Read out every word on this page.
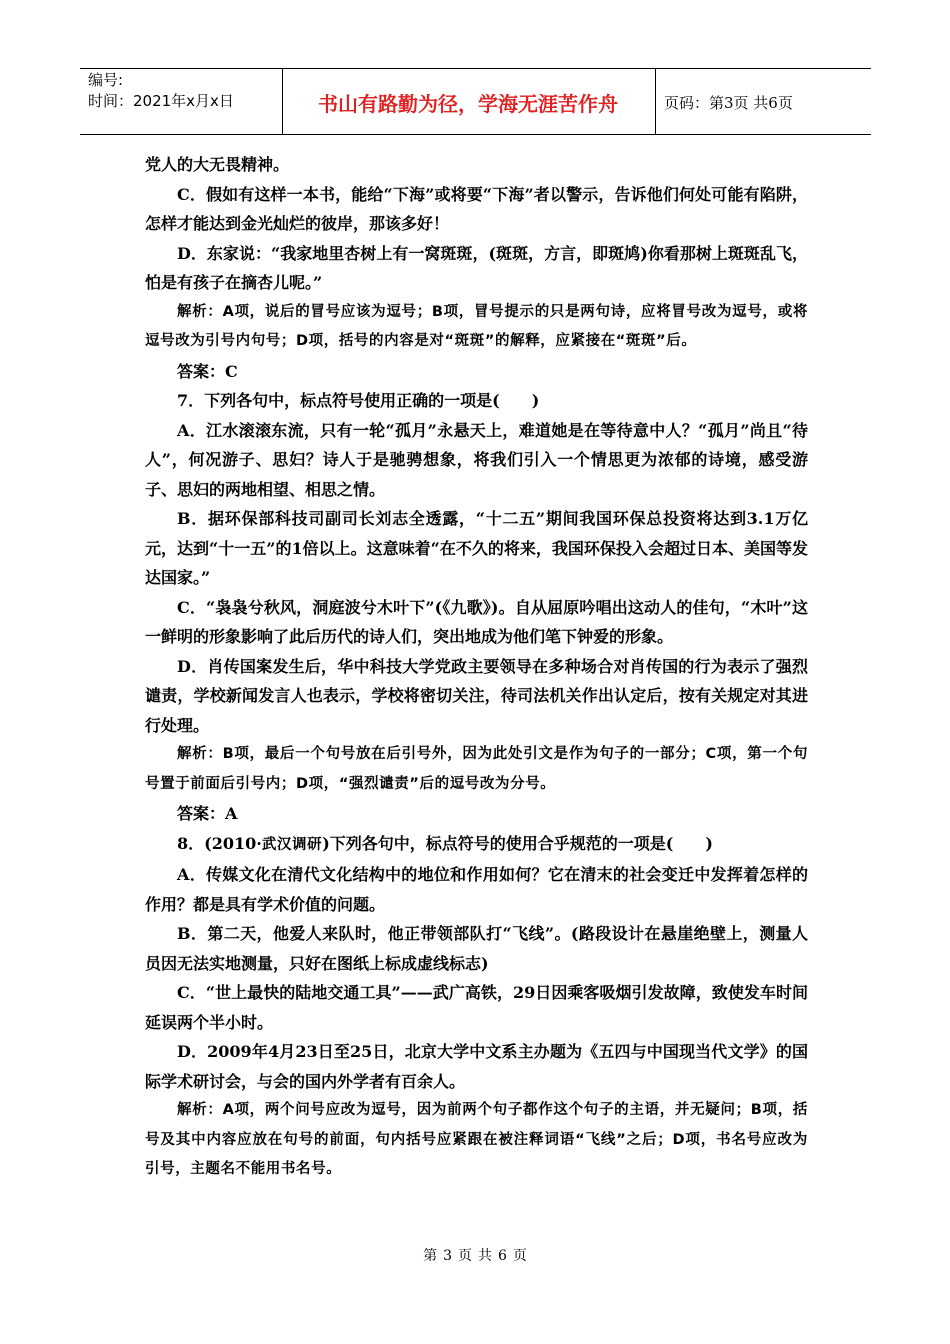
编号:
时间：2021年x月x日	书山有路勤为径，学海无涯苦作舟	页码：第3页 共6页

党人的大无畏精神。

C．假如有这样一本书，能给“下海”或将要“下海”者以警示，告诉他们何处可能有陷阱，怎样才能达到金光灿烂的彼岸，那该多好！

D．东家说：“我家地里杏树上有一窝斑斑，(斑斑，方言，即斑鸠)你看那树上斑斑乱飞，怕是有孩子在摘杏儿呢。”

解析：A项，说后的冒号应该为逗号；B项，冒号提示的只是两句诗，应将冒号改为逗号，或将逗号改为引号内句号；D项，括号的内容是对“斑斑”的解释，应紧接在“斑斑”后。

答案：C

7．下列各句中，标点符号使用正确的一项是(　　)

A．江水滚滚东流，只有一轮“孤月”永悬天上，难道她是在等待意中人？“孤月”尚且“待人”，何况游子、思妇？诗人于是驰骋想象，将我们引入一个情思更为浓郁的诗境，感受游子、思妇的两地相望、相思之情。

B．据环保部科技司副司长刘志全透露，“十二五”期间我国环保总投资将达到3.1万亿元，达到“十一五”的1倍以上。这意味着“在不久的将来，我国环保投入会超过日本、美国等发达国家。”

C．“袅袅兮秋风，洞庭波兮木叶下”(《九歌》)。自从屈原吟唱出这动人的佳句，“木叶”这一鲜明的形象影响了此后历代的诗人们，突出地成为他们笔下钟爱的形象。

D．肖传国案发生后，华中科技大学党政主要领导在多种场合对肖传国的行为表示了强烈谴责，学校新闻发言人也表示，学校将密切关注，待司法机关作出认定后，按有关规定对其进行处理。

解析：B项，最后一个句号放在后引号外，因为此处引文是作为句子的一部分；C项，第一个句号置于前面后引号内；D项，“强烈谴责”后的逗号改为分号。

答案：A

8．(2010·武汉调研)下列各句中，标点符号的使用合乎规范的一项是(　　)

A．传媒文化在清代文化结构中的地位和作用如何？它在清末的社会变迁中发挥着怎样的作用？都是具有学术价值的问题。

B．第二天，他爱人来队时，他正带领部队打“飞线”。(路段设计在悬崖绝壁上，测量人员因无法实地测量，只好在图纸上标成虚线标志)

C．“世上最快的陆地交通工具”——武广高铁，29日因乘客吸烟引发故障，致使发车时间延误两个半小时。

D．2009年4月23日至25日，北京大学中文系主办题为《五四与中国现当代文学》的国际学术研讨会，与会的国内外学者有百余人。

解析：A项，两个问号应改为逗号，因为前两个句子都作这个句子的主语，并无疑问；B项，括号及其中内容应放在句号的前面，句内括号应紧跟在被注释词语“飞线”之后；D项，书名号应改为引号，主题名不能用书名号。

第 3 页 共 6 页
